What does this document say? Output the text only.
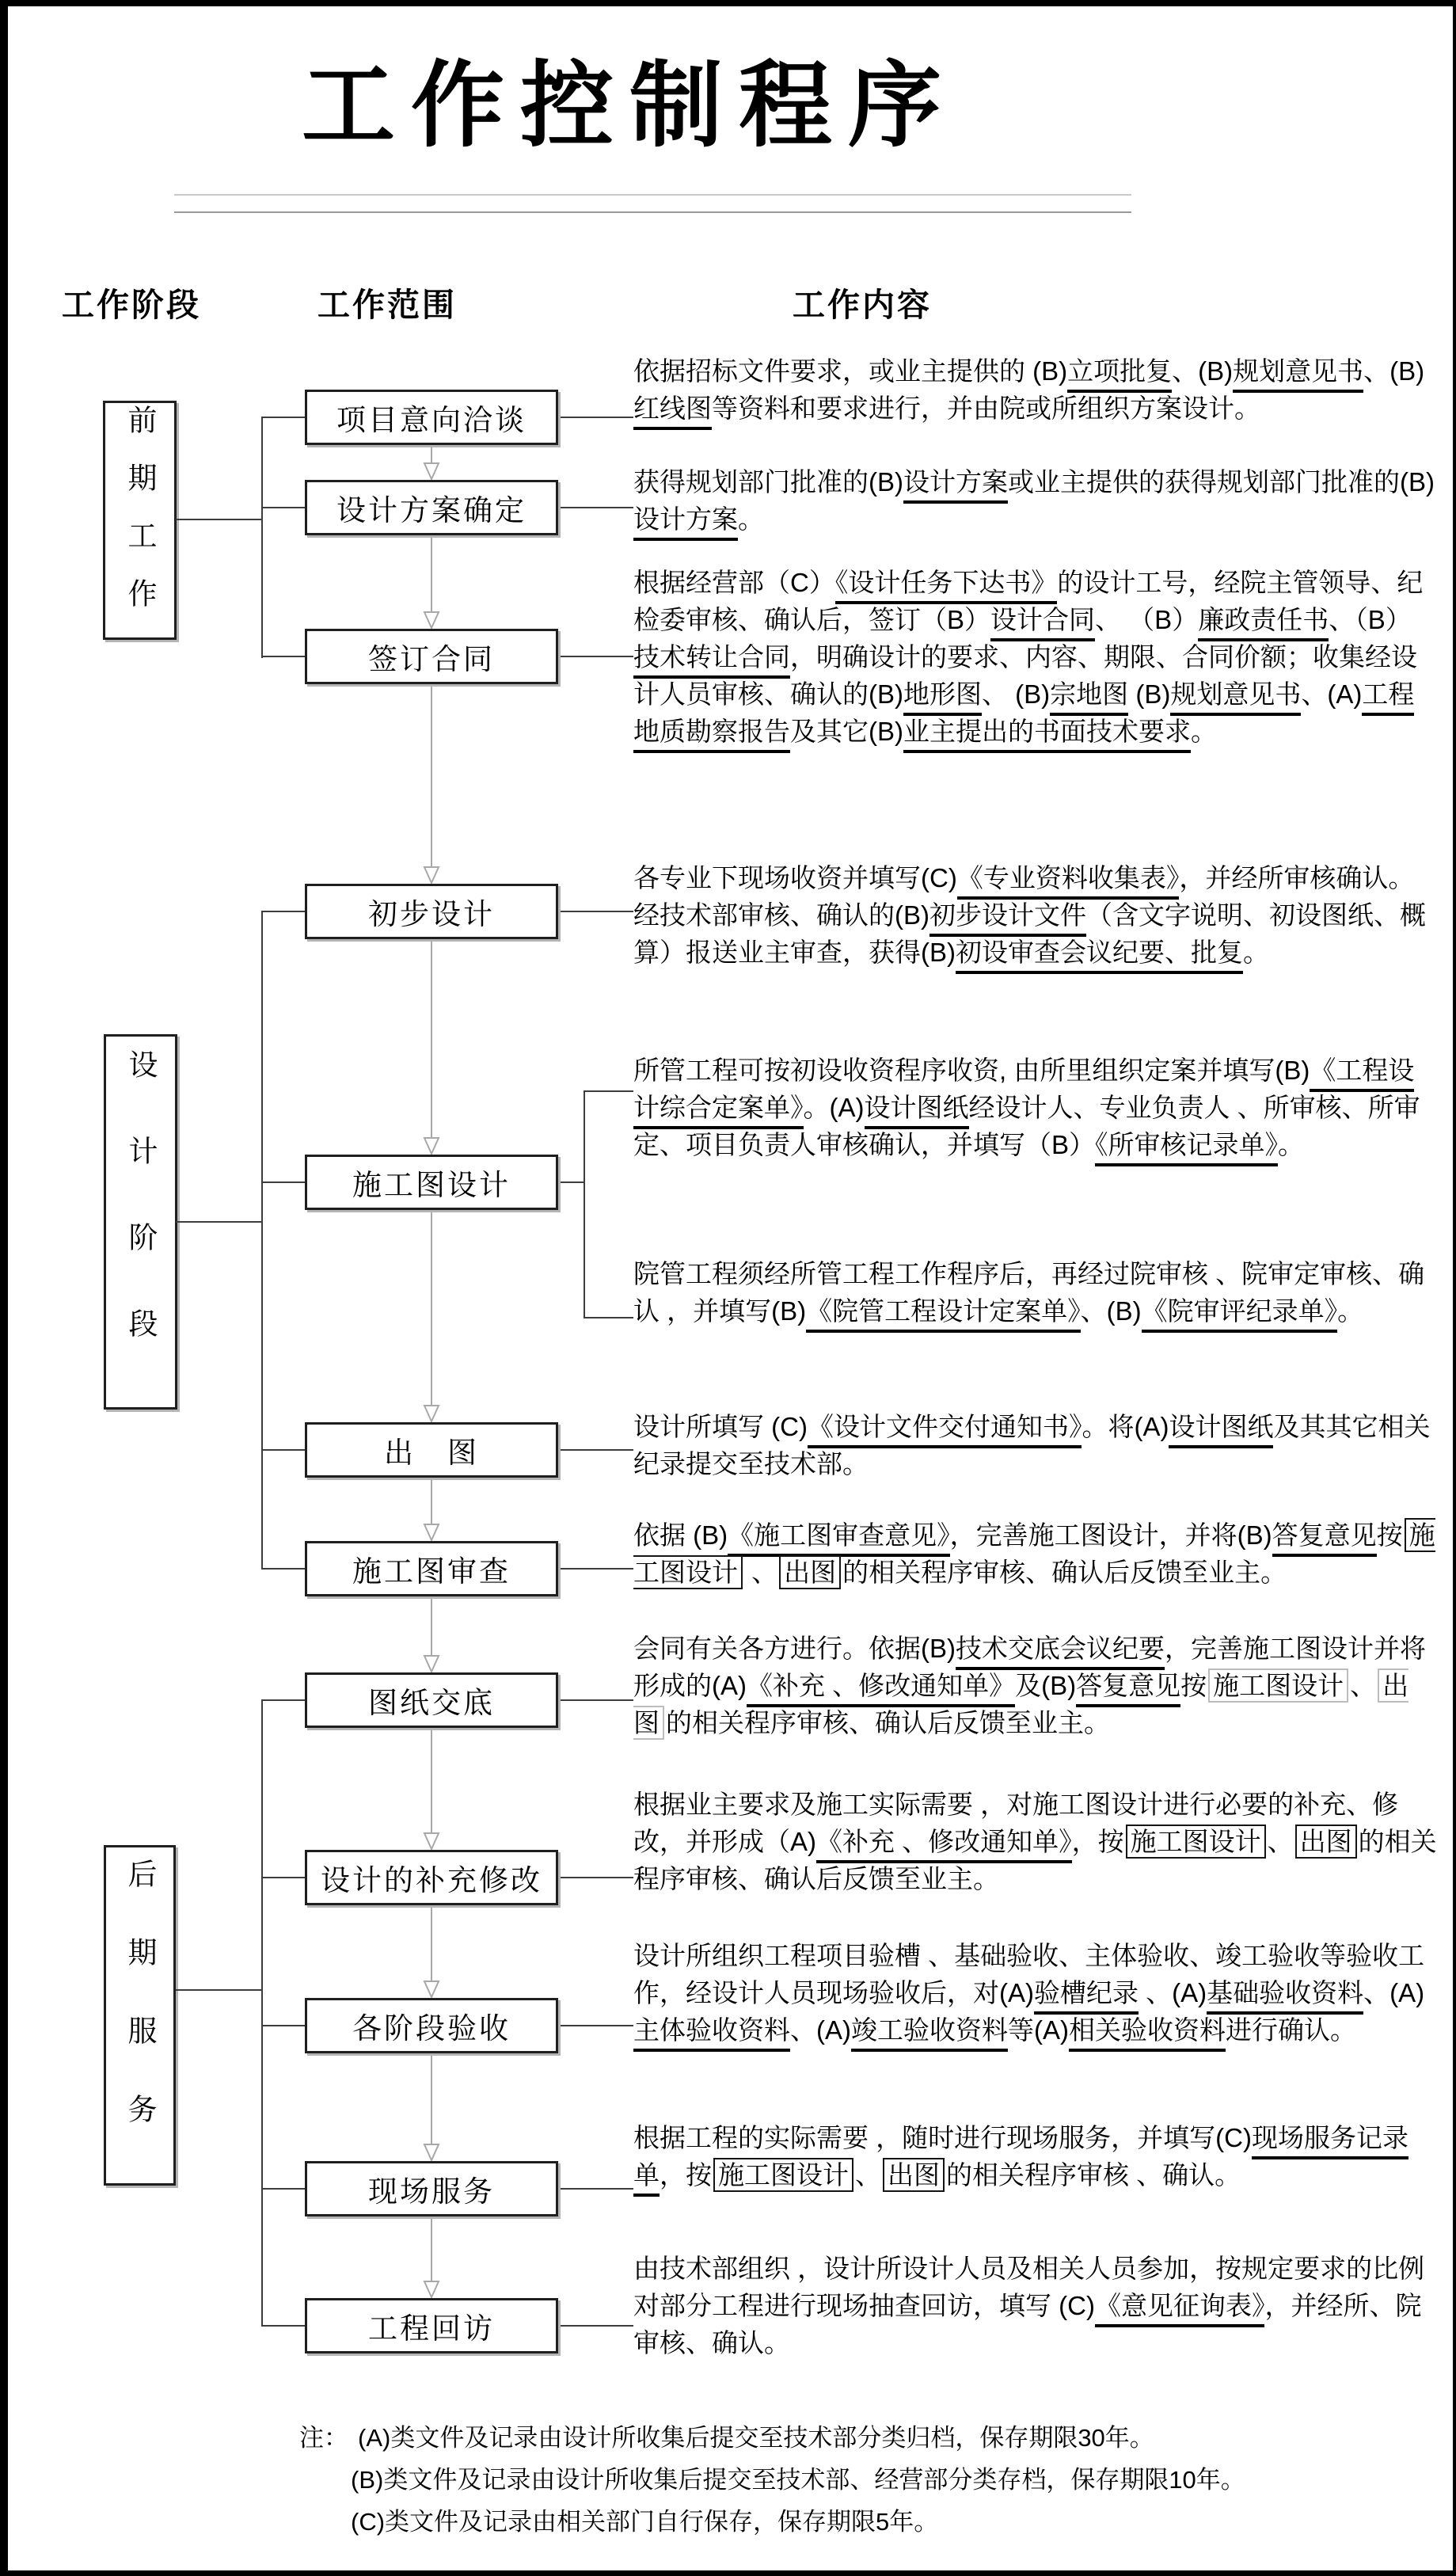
工作控制程序
工作阶段	工作范围	工作内容
前期工作
设计阶段
后期服务
项目意向洽谈
设计方案确定
签订合同
初步设计
施工图设计
出　图
施工图审查
图纸交底
设计的补充修改
各阶段验收
现场服务
工程回访
依据招标文件要求，或业主提供的 (B)立项批复、(B)规划意见书、(B)红线图等资料和要求进行，并由院或所组织方案设计。
获得规划部门批准的(B)设计方案或业主提供的获得规划部门批准的(B)设计方案。
根据经营部（C）《设计任务下达书》的设计工号，经院主管领导、纪检委审核、确认后，签订（B）设计合同、 （B）廉政责任书、（B）技术转让合同，明确设计的要求、内容、期限、合同价额；收集经设计人员审核、确认的(B)地形图、 (B)宗地图 (B)规划意见书、(A)工程地质勘察报告及其它(B)业主提出的书面技术要求。
各专业下现场收资并填写(C)《专业资料收集表》，并经所审核确认。经技术部审核、确认的(B)初步设计文件（含文字说明、初设图纸、概算）报送业主审查，获得(B)初设审查会议纪要、批复。
所管工程可按初设收资程序收资, 由所里组织定案并填写(B)《工程设计综合定案单》。(A)设计图纸经设计人、专业负责人 、所审核、所审定、项目负责人审核确认，并填写（B）《所审核记录单》。
院管工程须经所管工程工作程序后，再经过院审核 、院审定审核、确认 ，并填写(B)《院管工程设计定案单》、(B)《院审评纪录单》。
设计所填写 (C)《设计文件交付通知书》。将(A)设计图纸及其其它相关纪录提交至技术部。
依据 (B)《施工图审查意见》，完善施工图设计，并将(B)答复意见按 施工图设计 、 出图 的相关程序审核、确认后反馈至业主。
会同有关各方进行。依据(B)技术交底会议纪要，完善施工图设计并将形成的(A)《补充 、修改通知单》及(B)答复意见按 施工图设计 、 出图 的相关程序审核、确认后反馈至业主。
根据业主要求及施工实际需要 ，对施工图设计进行必要的补充、修改，并形成（A)《补充 、修改通知单》，按 施工图设计 、 出图 的相关程序审核、确认后反馈至业主。
设计所组织工程项目验槽 、基础验收、主体验收、竣工验收等验收工作，经设计人员现场验收后，对(A)验槽纪录 、(A)基础验收资料、(A)主体验收资料、(A)竣工验收资料等(A)相关验收资料进行确认。
根据工程的实际需要 ，随时进行现场服务，并填写(C)现场服务记录单，按 施工图设计 、 出图 的相关程序审核 、确认。
由技术部组织 ，设计所设计人员及相关人员参加，按规定要求的比例对部分工程进行现场抽查回访，填写 (C)《意见征询表》，并经所、院审核、确认。
注： (A)类文件及记录由设计所收集后提交至技术部分类归档，保存期限30年。
(B)类文件及记录由设计所收集后提交至技术部、经营部分类存档，保存期限10年。
(C)类文件及记录由相关部门自行保存，保存期限5年。
